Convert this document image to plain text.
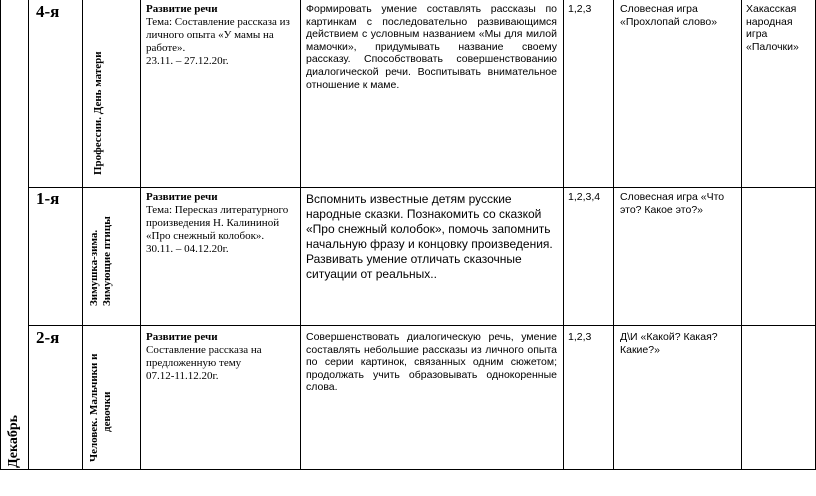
Декабрь
4-я
Профессии. День матери
Развитие речи
Тема: Составление рассказа из личного опыта «У мамы на работе».
23.11. – 27.12.20г.
Формировать умение составлять рассказы по картинкам с последовательно развивающимся действием с условным названием «Мы для милой мамочки», придумывать название своему рассказу. Способствовать совершенствованию диалогической речи. Воспитывать внимательное отношение к маме.
1,2,3	Словесная игра «Прохлопай слово»
Хакасская народная игра «Палочки»
1-я
Зимушка-зима. Зимующие птицы
Развитие речи
Тема: Пересказ литературного произведения Н. Калининой «Про снежный колобок».
30.11. – 04.12.20г.
Вспомнить известные детям русские народные сказки. Познакомить со сказкой «Про снежный колобок», помочь запомнить начальную фразу и концовку произведения. Развивать умение отличать сказочные ситуации от реальных..
1,2,3,4 Словесная игра «Что это? Какое это?»
2-я
Человек. Мальчики и девочки
Развитие речи
Составление рассказа на предложенную тему
07.12-11.12.20г.
Совершенствовать диалогическую речь, умение составлять небольшие рассказы из личного опыта по серии картинок, связанных одним сюжетом; продолжать учить образовывать однокоренные слова.
1,2,3	Д\И «Какой? Какая? Какие?»
